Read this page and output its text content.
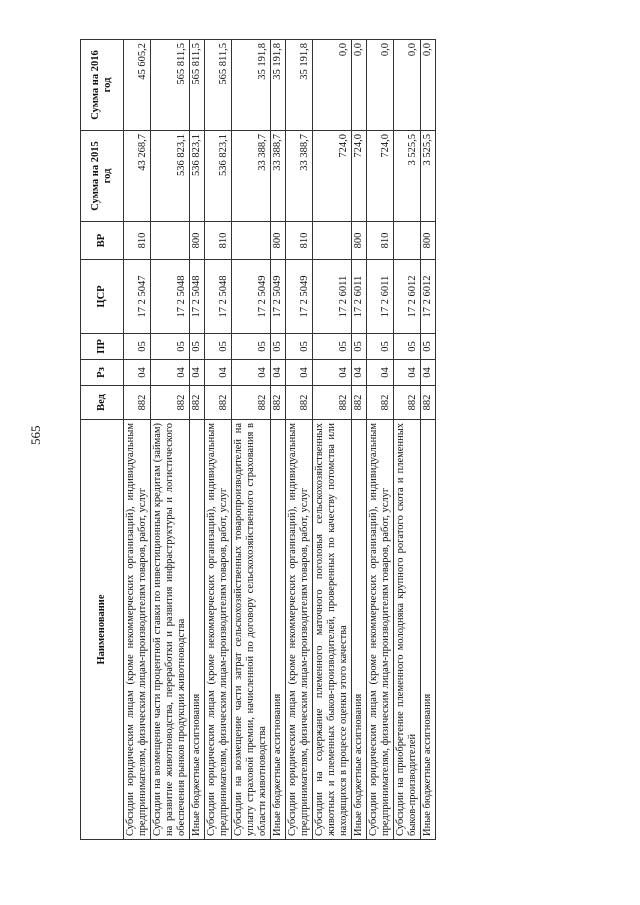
565
Наименование	Вед	Рз	ПР	ЦСР	ВР	Сумма на 2015 год	Сумма на 2016 год
Субсидии юридическим лицам (кроме некоммерческих организаций), индивидуальным предпринимателям, физическим лицам-производителям товаров, работ, услуг	882	04	05	17 2 5047	810	43 268,7	45 605,2
Субсидии на возмещение части процентной ставки по инвестиционным кредитам (займам) на развитие животноводства, переработки и развития инфраструктуры и логистического обеспечения рынков продукции животноводства	882	04	05	17 2 5048		536 823,1	565 811,5
Иные бюджетные ассигнования	882	04	05	17 2 5048	800	536 823,1	565 811,5
Субсидии юридическим лицам (кроме некоммерческих организаций), индивидуальным предпринимателям, физическим лицам-производителям товаров, работ, услуг	882	04	05	17 2 5048	810	536 823,1	565 811,5
Субсидии на возмещение части затрат сельскохозяйственных товаропроизводителей на уплату страховой премии, начисленной по договору сельскохозяйственного страхования в области животноводства	882	04	05	17 2 5049		33 388,7	35 191,8
Иные бюджетные ассигнования	882	04	05	17 2 5049	800	33 388,7	35 191,8
Субсидии юридическим лицам (кроме некоммерческих организаций), индивидуальным предпринимателям, физическим лицам-производителям товаров, работ, услуг	882	04	05	17 2 5049	810	33 388,7	35 191,8
Субсидии на содержание племенного маточного поголовья сельскохозяйственных животных и племенных быков-производителей, проверенных по качеству потомства или находящихся в процессе оценки этого качества	882	04	05	17 2 6011		724,0	0,0
Иные бюджетные ассигнования	882	04	05	17 2 6011	800	724,0	0,0
Субсидии юридическим лицам (кроме некоммерческих организаций), индивидуальным предпринимателям, физическим лицам-производителям товаров, работ, услуг	882	04	05	17 2 6011	810	724,0	0,0
Субсидии на приобретение племенного молодняка крупного рогатого скота и племенных быков-производителей	882	04	05	17 2 6012		3 525,5	0,0
Иные бюджетные ассигнования	882	04	05	17 2 6012	800	3 525,5	0,0
